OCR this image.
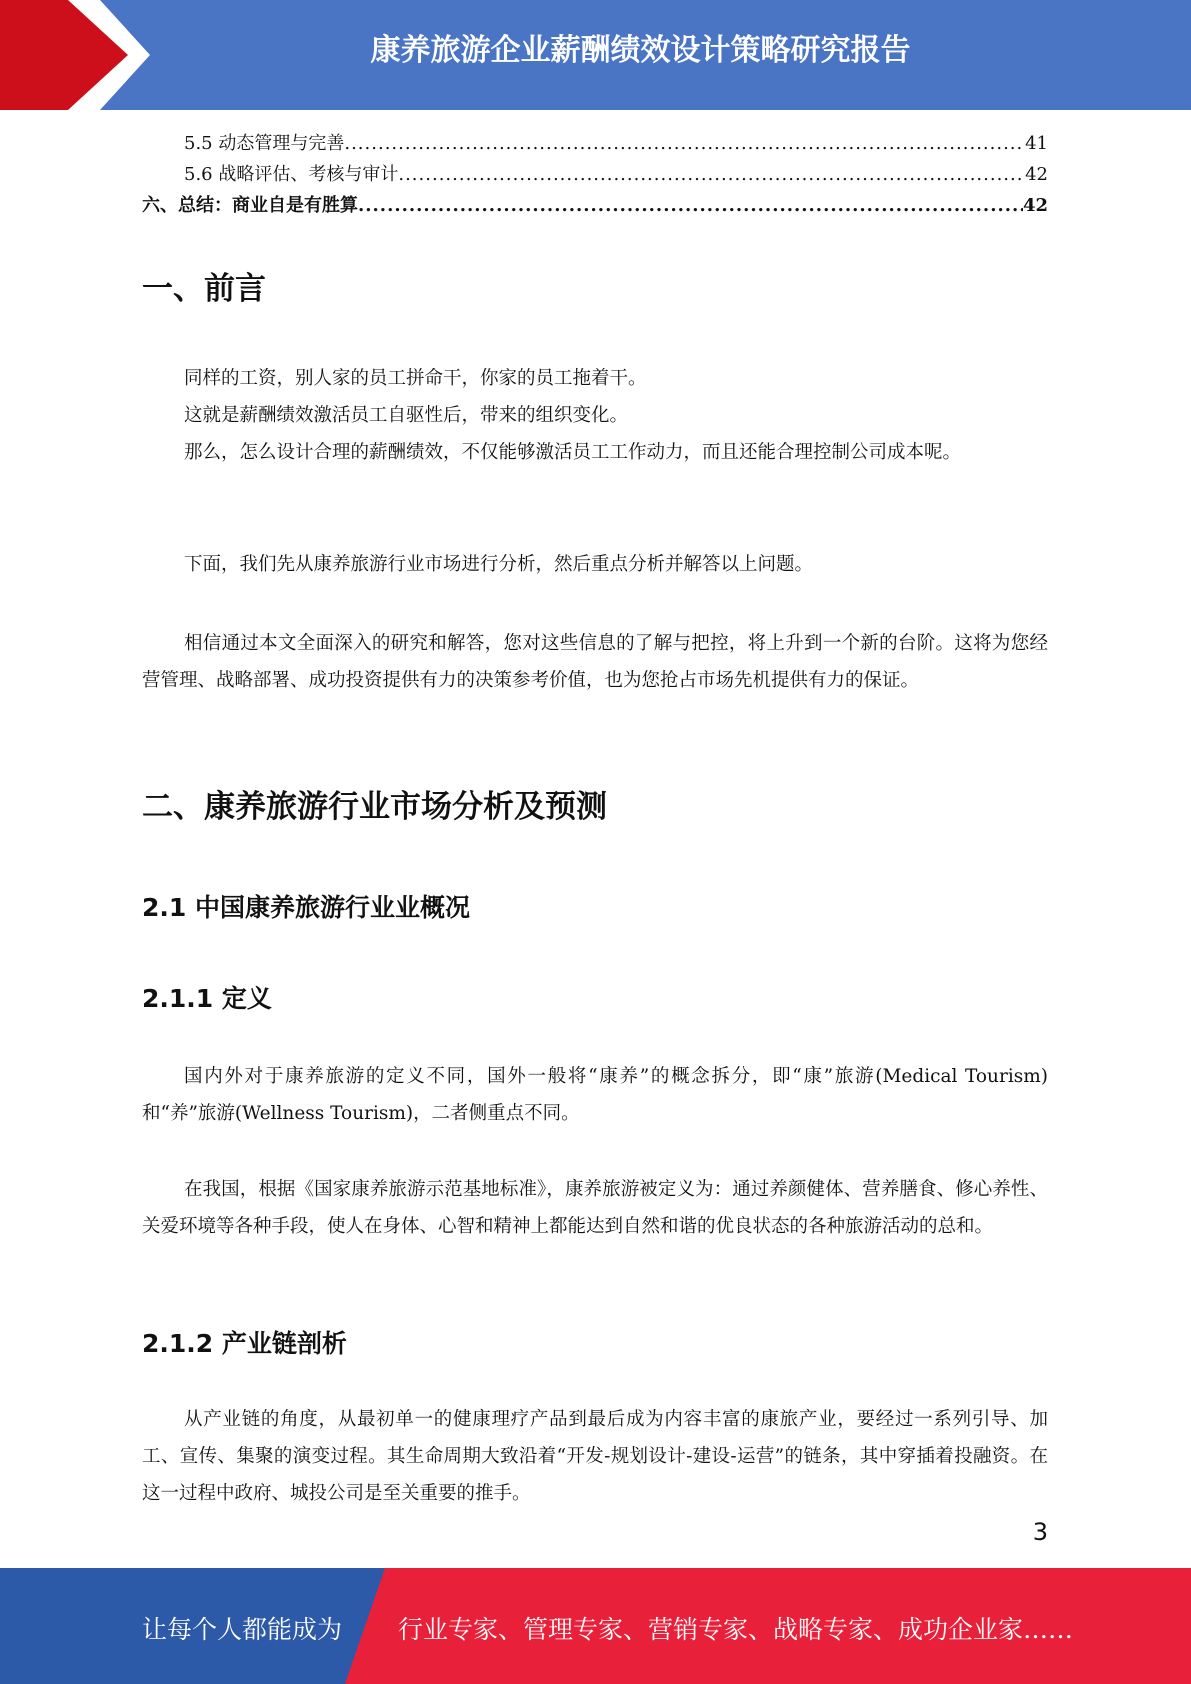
康养旅游企业薪酬绩效设计策略研究报告
5.5 动态管理与完善 .....	41
5.6 战略评估、考核与审计 .....	42
六、总结：商业自是有胜算 .....	42
一、前言

同样的工资，别人家的员工拼命干，你家的员工拖着干。

这就是薪酬绩效激活员工自驱性后，带来的组织变化。

那么，怎么设计合理的薪酬绩效，不仅能够激活员工工作动力，而且还能合理控制公司成本呢。

下面，我们先从康养旅游行业市场进行分析，然后重点分析并解答以上问题。

相信通过本文全面深入的研究和解答，您对这些信息的了解与把控，将上升到一个新的台阶。这将为您经营管理、战略部署、成功投资提供有力的决策参考价值，也为您抢占市场先机提供有力的保证。

二、康养旅游行业市场分析及预测
2.1 中国康养旅游行业业概况
2.1.1 定义

国内外对于康养旅游的定义不同，国外一般将“康养”的概念拆分，即“康”旅游(Medical Tourism)和“养”旅游(Wellness Tourism)，二者侧重点不同。

在我国，根据《国家康养旅游示范基地标准》，康养旅游被定义为：通过养颜健体、营养膳食、修心养性、关爱环境等各种手段，使人在身体、心智和精神上都能达到自然和谐的优良状态的各种旅游活动的总和。

2.1.2 产业链剖析

从产业链的角度，从最初单一的健康理疗产品到最后成为内容丰富的康旅产业，要经过一系列引导、加工、宣传、集聚的演变过程。其生命周期大致沿着“开发-规划设计-建设-运营”的链条，其中穿插着投融资。在这一过程中政府、城投公司是至关重要的推手。

3
让每个人都能成为 行业专家、管理专家、营销专家、战略专家、成功企业家……
